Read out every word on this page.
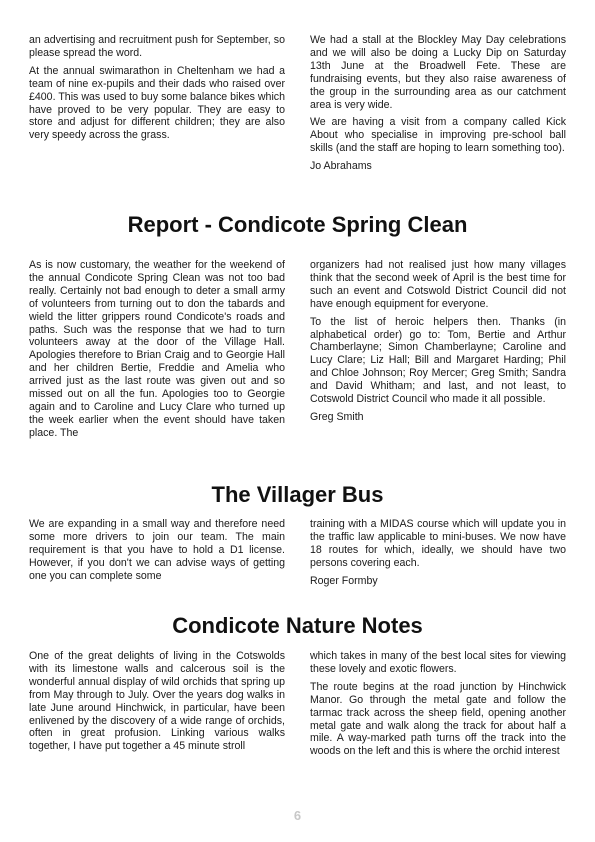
an advertising and recruitment push for September, so please spread the word.

At the annual swimarathon in Cheltenham we had a team of nine ex-pupils and their dads who raised over £400. This was used to buy some balance bikes which have proved to be very popular. They are easy to store and adjust for different children; they are also very speedy across the grass.

We had a stall at the Blockley May Day celebrations and we will also be doing a Lucky Dip on Saturday 13th June at the Broadwell Fete. These are fundraising events, but they also raise awareness of the group in the surrounding area as our catchment area is very wide.

We are having a visit from a company called Kick About who specialise in improving pre-school ball skills (and the staff are hoping to learn something too).

Jo Abrahams

Report - Condicote Spring Clean

As is now customary, the weather for the weekend of the annual Condicote Spring Clean was not too bad really. Certainly not bad enough to deter a small army of volunteers from turning out to don the tabards and wield the litter grippers round Condicote's roads and paths. Such was the response that we had to turn volunteers away at the door of the Village Hall. Apologies therefore to Brian Craig and to Georgie Hall and her children Bertie, Freddie and Amelia who arrived just as the last route was given out and so missed out on all the fun. Apologies too to Georgie again and to Caroline and Lucy Clare who turned up the week earlier when the event should have taken place. The

organizers had not realised just how many villages think that the second week of April is the best time for such an event and Cotswold District Council did not have enough equipment for everyone.

To the list of heroic helpers then. Thanks (in alphabetical order) go to: Tom, Bertie and Arthur Chamberlayne; Simon Chamberlayne; Caroline and Lucy Clare; Liz Hall; Bill and Margaret Harding; Phil and Chloe Johnson; Roy Mercer; Greg Smith; Sandra and David Whitham; and last, and not least, to Cotswold District Council who made it all possible.

Greg Smith

The Villager Bus

We are expanding in a small way and therefore need some more drivers to join our team. The main requirement is that you have to hold a D1 license. However, if you don't we can advise ways of getting one you can complete some

training with a MIDAS course which will update you in the traffic law applicable to mini-buses. We now have 18 routes for which, ideally, we should have two persons covering each.

Roger Formby

Condicote Nature Notes

One of the great delights of living in the Cotswolds with its limestone walls and calcerous soil is the wonderful annual display of wild orchids that spring up from May through to July. Over the years dog walks in late June around Hinchwick, in particular, have been enlivened by the discovery of a wide range of orchids, often in great profusion. Linking various walks together, I have put together a 45 minute stroll

which takes in many of the best local sites for viewing these lovely and exotic flowers.

The route begins at the road junction by Hinchwick Manor. Go through the metal gate and follow the tarmac track across the sheep field, opening another metal gate and walk along the track for about half a mile. A way-marked path turns off the track into the woods on the left and this is where the orchid interest

6
